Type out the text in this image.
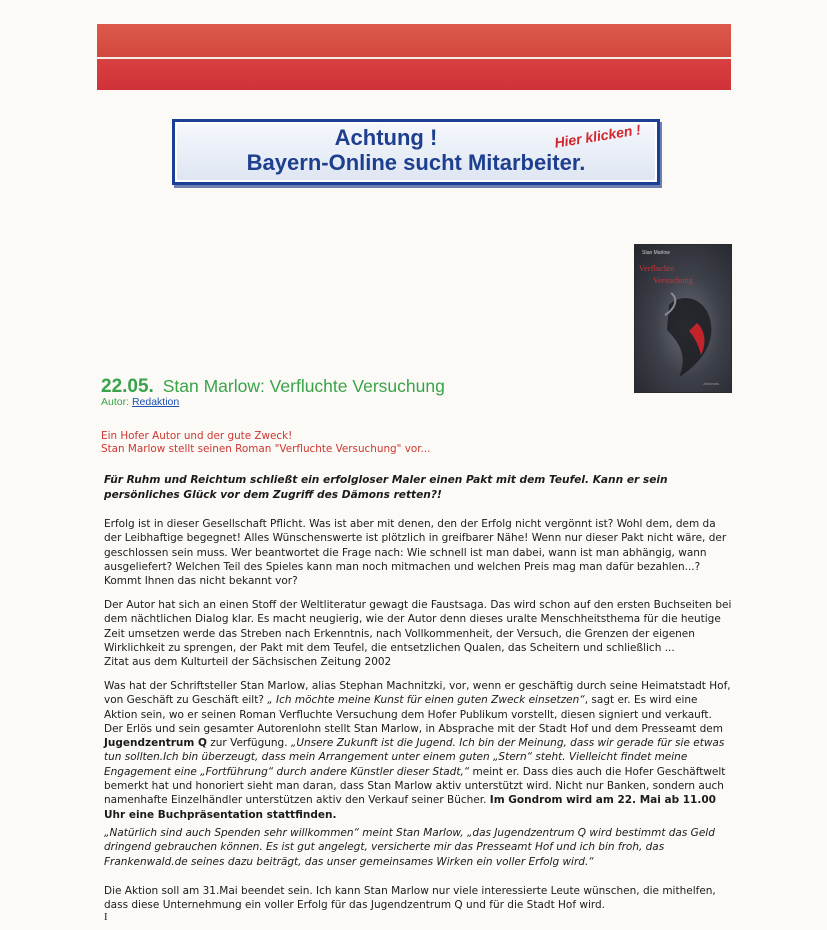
Achtung !
Bayern-Online sucht Mitarbeiter.
Hier klicken !
Stan Marlow
Verfluchte
Versuchung
Johannis
22.05. Stan Marlow: Verfluchte Versuchung
Autor: Redaktion
Ein Hofer Autor und der gute Zweck!
Stan Marlow stellt seinen Roman "Verfluchte Versuchung" vor...
Für Ruhm und Reichtum schließt ein erfolgloser Maler einen Pakt mit dem Teufel. Kann er sein
persönliches Glück vor dem Zugriff des Dämons retten?!
Erfolg ist in dieser Gesellschaft Pflicht. Was ist aber mit denen, den der Erfolg nicht vergönnt ist? Wohl dem, dem da
der Leibhaftige begegnet! Alles Wünschenswerte ist plötzlich in greifbarer Nähe! Wenn nur dieser Pakt nicht wäre, der
geschlossen sein muss. Wer beantwortet die Frage nach: Wie schnell ist man dabei, wann ist man abhängig, wann
ausgeliefert? Welchen Teil des Spieles kann man noch mitmachen und welchen Preis mag man dafür bezahlen...?
Kommt Ihnen das nicht bekannt vor?
Der Autor hat sich an einen Stoff der Weltliteratur gewagt die Faustsaga. Das wird schon auf den ersten Buchseiten bei
dem nächtlichen Dialog klar. Es macht neugierig, wie der Autor denn dieses uralte Menschheitsthema für die heutige
Zeit umsetzen werde das Streben nach Erkenntnis, nach Vollkommenheit, der Versuch, die Grenzen der eigenen
Wirklichkeit zu sprengen, der Pakt mit dem Teufel, die entsetzlichen Qualen, das Scheitern und schließlich ...
Zitat aus dem Kulturteil der Sächsischen Zeitung 2002
Was hat der Schriftsteller Stan Marlow, alias Stephan Machnitzki, vor, wenn er geschäftig durch seine Heimatstadt Hof,
von Geschäft zu Geschäft eilt? „ Ich möchte meine Kunst für einen guten Zweck einsetzen“, sagt er. Es wird eine
Aktion sein, wo er seinen Roman Verfluchte Versuchung dem Hofer Publikum vorstellt, diesen signiert und verkauft.
Der Erlös und sein gesamter Autorenlohn stellt Stan Marlow, in Absprache mit der Stadt Hof und dem Presseamt dem
Jugendzentrum Q zur Verfügung. „Unsere Zukunft ist die Jugend. Ich bin der Meinung, dass wir gerade für sie etwas
tun sollten.Ich bin überzeugt, dass mein Arrangement unter einem guten „Stern“ steht. Vielleicht findet meine
Engagement eine „Fortführung“ durch andere Künstler dieser Stadt,“ meint er. Dass dies auch die Hofer Geschäftwelt
bemerkt hat und honoriert sieht man daran, dass Stan Marlow aktiv unterstützt wird. Nicht nur Banken, sondern auch
namenhafte Einzelhändler unterstützen aktiv den Verkauf seiner Bücher. Im Gondrom wird am 22. Mai ab 11.00
Uhr eine Buchpräsentation stattfinden.
„Natürlich sind auch Spenden sehr willkommen“ meint Stan Marlow, „das Jugendzentrum Q wird bestimmt das Geld
dringend gebrauchen können. Es ist gut angelegt, versicherte mir das Presseamt Hof und ich bin froh, das
Frankenwald.de seines dazu beiträgt, das unser gemeinsames Wirken ein voller Erfolg wird.“
Die Aktion soll am 31.Mai beendet sein. Ich kann Stan Marlow nur viele interessierte Leute wünschen, die mithelfen,
dass diese Unternehmung ein voller Erfolg für das Jugendzentrum Q und für die Stadt Hof wird.
I
